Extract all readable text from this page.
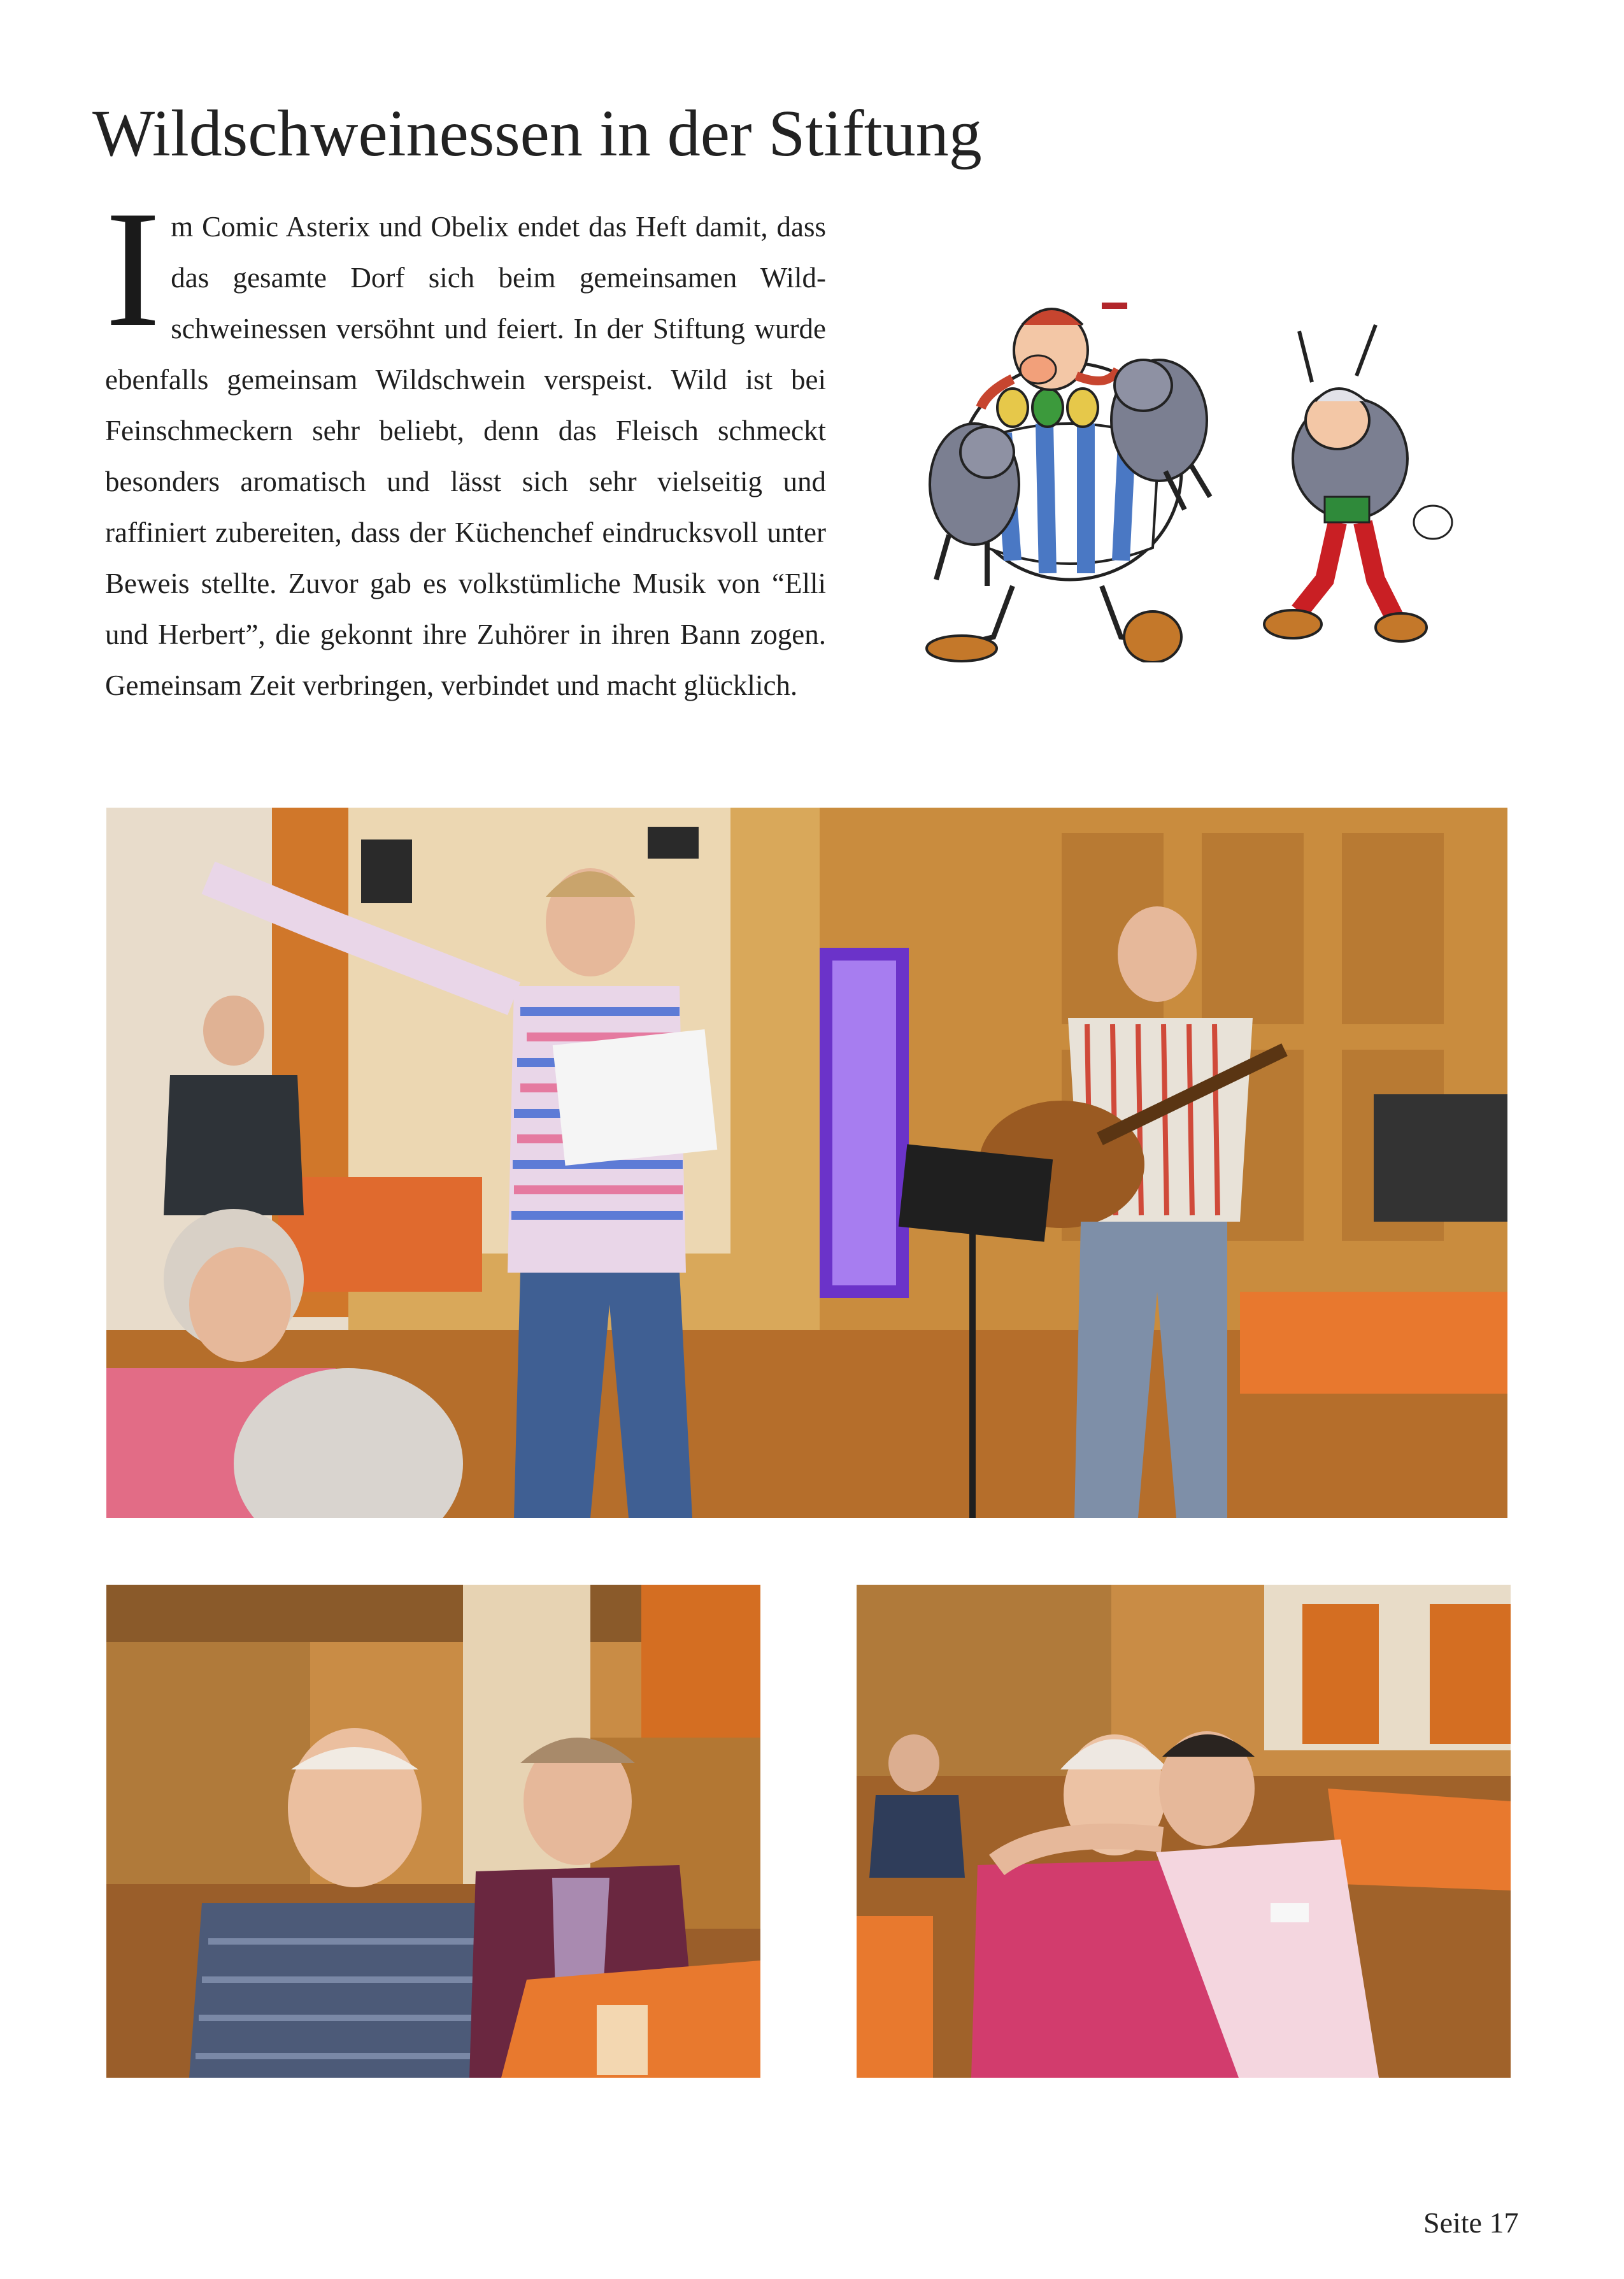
Wildschweinessen in der Stiftung
I m Comic Asterix und Obelix endet das Heft damit, dass das gesamte Dorf sich beim gemeinsamen Wildschweinessen versöhnt und feiert. In der Stiftung wurde ebenfalls gemeinsam Wildschwein verspeist. Wild ist bei Feinschmeckern sehr beliebt, denn das Fleisch schmeckt besonders aromatisch und lässt sich sehr vielseitig und raffiniert zubereiten, dass der Küchenchef eindrucksvoll unter Beweis stellte. Zuvor gab es volkstümliche Musik von “Elli und Herbert”, die gekonnt ihre Zuhörer in ihren Bann zogen. Gemeinsam Zeit verbringen, verbindet und macht glücklich.
Seite 17
